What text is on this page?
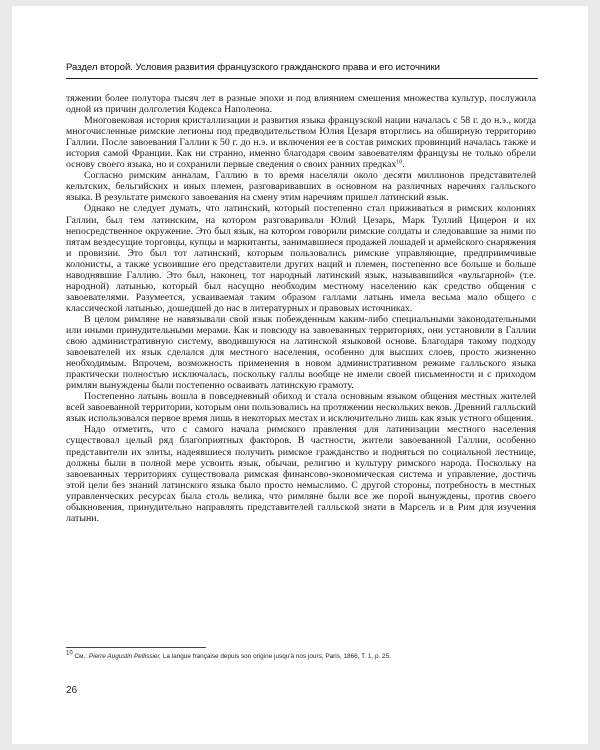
Раздел второй. Условия развития французского гражданского права и его источники

тяжении более полутора тысяч лет в разные эпохи и под влиянием смешения множества культур, послужила одной из причин долголетия Кодекса Наполеона.

Многовековая история кристаллизации и развития языка французской нации началась с 58 г. до н.э., когда многочисленные римские легионы под предводительством Юлия Цезаря вторглись на обширную территорию Галлии. После завоевания Галлии к 50 г. до н.э. и включения ее в состав римских провинций началась также и история самой Франции. Как ни странно, именно благодаря своим завоевателям французы не только обрели основу своего языка, но и сохранили первые сведения о своих ранних предках$^{10}$.

Согласно римским анналам, Галлию в то время населяли около десяти миллионов представителей кельтских, бельгийских и иных племен, разговаривавших в основном на различных наречиях галльского языка. В результате римского завоевания на смену этим наречиям пришел латинский язык.

Однако не следует думать, что латинский, который постепенно стал приживаться в римских колониях Галлии, был тем латинским, на котором разговаривали Юлий Цезарь, Марк Туллий Цицерон и их непосредственное окружение. Это был язык, на котором говорили римские солдаты и следовавшие за ними по пятам вездесущие торговцы, купцы и маркитанты, занимавшиеся продажей лошадей и армейского снаряжения и провизии. Это был тот латинский, которым пользовались римские управляющие, предприимчивые колонисты, а также усвоившие его представители других наций и племен, постепенно все больше и больше наводнявшие Галлию. Это был, наконец, тот народный латинский язык, называвшийся «вульгарной» (т.е. народной) латынью, который был насущно необходим местному населению как средство общения с завоевателями. Разумеется, усваиваемая таким образом галлами латынь имела весьма мало общего с классической латынью, дошедшей до нас в литературных и правовых источниках.

В целом римляне не навязывали свой язык побежденным каким-либо специальными законодательными или иными принудительными мерами. Как и повсюду на завоеванных территориях, они установили в Галлии свою административную систему, вводившуюся на латинской языковой основе. Благодаря такому подходу завоевателей их язык сделался для местного населения, особенно для высших слоев, просто жизненно необходимым. Впрочем, возможность применения в новом административном режиме галльского языка практически полностью исключалась, поскольку галлы вообще не имели своей письменности и с приходом римлян вынуждены были постепенно осваивать латинскую грамоту.

Постепенно латынь вошла в повседневный обиход и стала основным языком общения местных жителей всей завоеванной территории, которым они пользовались на протяжении нескольких веков. Древний галльский язык использовался первое время лишь в некоторых местах и исключительно лишь как язык устного общения.

Надо отметить, что с самого начала римского правления для латинизации местного населения существовал целый ряд благоприятных факторов. В частности, жители завоеванной Галлии, особенно представители их элиты, надеявшиеся получить римское гражданство и подняться по социальной лестнице, должны были в полной мере усвоить язык, обычаи, религию и культуру римского народа. Поскольку на завоеванных территориях существовала римская финансово-экономическая система и управление, достичь этой цели без знаний латинского языка было просто немыслимо. С другой стороны, потребность в местных управленческих ресурсах была столь велика, что римляне были все же порой вынуждены, против своего обыкновения, принудительно направлять представителей галльской знати в Марсель и в Рим для изучения латыни.

$^{10}$ См.: Pierre Augustin Pellissier, La langue française depuis son origine jusqu'à nos jours, Paris, 1866, T. 1, p. 25.
26
